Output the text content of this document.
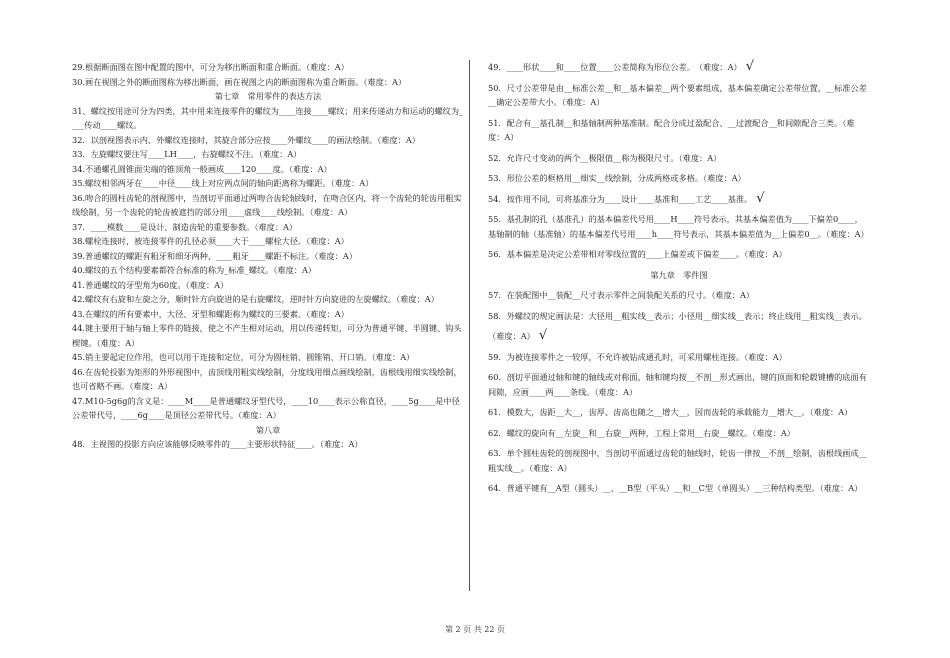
29.根据断面图在图中配置的图中，可分为移出断面和重合断面。（难度：A）

30.画在视图之外的断面图称为移出断面，画在视图之内的断面图称为重合断面。（难度：A）

第七章　常用零件的表达方法

31、螺纹按用途可分为四类，其中用来连接零件的螺纹为____连接____螺纹；用来传递动力和运动的螺纹为____传动____螺纹。

32．以剖视图表示内、外螺纹连接时，其旋合部分应按____外螺纹____的画法绘制。（难度：A）

33．左旋螺纹要注写____LH____，右旋螺纹不注。（难度：A）

34.不通螺孔圆锥面尖端的锥顶角一般画成____120____度。（难度：A）

35.螺纹相邻两牙在____中径____线上对应两点间的轴向距离称为螺距。（难度：A）

36.吻合的圆柱齿轮的剖视图中，当剖切平面通过两吻合齿轮轴线时，在吻合区内，将一个齿轮的轮齿用粗实线绘制，另一个齿轮的轮齿被遮挡的部分用____虚线____线绘制。（难度：A）

37．____模数____是设计、制造齿轮的重要参数。（难度：A）

38.螺栓连接时，被连接零件的孔径必须____大于____螺栓大径。（难度：A）

39.普通螺纹的螺距有粗牙和细牙两种，____粗牙____螺距不标注。（难度：A）

40.螺纹的五个结构要素都符合标准的称为_标准_螺纹。（难度：A）

41.普通螺纹的牙型角为60度。（难度：A）

42.螺纹有右旋和左旋之分，顺时针方向旋进的是右旋螺纹，逆时针方向旋进的左旋螺纹。（难度：A）

43.在螺纹的所有要素中，大径、牙型和螺距称为螺纹的三要素。（难度：A）

44.键主要用于轴与轴上零件的链接，使之不产生相对运动，用以传递转矩，可分为普通平键、半圆键、钩头楔键。（难度：A）

45.销主要起定位作用，也可以用于连接和定位，可分为圆柱销、圆锥销、开口销。（难度：A）

46.在齿轮投影为矩形的外形视图中，齿顶线用粗实线绘制，分度线用细点画线绘制，齿根线用细实线绘制，也可省略不画。（难度：A）

47.M10-5g6g的含义是：____M____是普通螺纹牙型代号，____10____表示公称直径，____5g____是中径公差带代号，____6g____是顶径公差带代号。（难度：A）

第八章

48．主视图的投影方向应该能够反映零件的____主要形状特征____。（难度：A）

49．____形状____和____位置____公差简称为形位公差。 （难度：A） √

50．尺寸公差带是由__标准公差__和__基本偏差__两个要素组成，基本偏差确定公差带位置，__标准公差__确定公差带大小。（难度：A）

51．配合有__基孔制__和基轴制两种基准制。配合分成过盈配合、__过渡配合__和间隙配合三类。（难度：A）

52．允许尺寸变动的两个__极限值__称为极限尺寸。（难度：A）

53．形位公差的框格用__细实__线绘制，分成两格或多格。（难度：A）

54．按作用不同，可将基准分为____设计____基准和____工艺____基准。 √

55．基孔制的孔（基准孔）的基本偏差代号用____H____符号表示，其基本偏差值为____下偏差0____，基轴制的轴（基准轴）的基本偏差代号用____h____符号表示，其基本偏差值为__上偏差0__。（难度：A）

56．基本偏差是决定公差带相对零线位置的____上偏差或下偏差____。（难度：A）

第九章　零件图

57．在装配图中__装配__尺寸表示零件之间装配关系的尺寸。（难度：A）

58．外螺纹的规定画法是：大径用__粗实线__表示；小径用__细实线__表示；终止线用__粗实线__表示。

（难度：A） √

59．为被连接零件之一较厚，不允许被钻成通孔时，可采用螺柱连接。（难度：A）

60．剖切平面通过轴和键的轴线或对称面，轴和键均按__不剖__形式画出，键的顶面和轮毂键槽的底面有间隙，应画____两____条线。（难度：A）

61．模数大，齿距__大__，齿厚、齿高也随之__增大__，因而齿轮的承载能力__增大__。（难度：A）

62．螺纹的旋向有__左旋__和__右旋__两种，工程上常用__右旋__螺纹。（难度：A）

63．单个圆柱齿轮的剖视图中，当剖切平面通过齿轮的轴线时，轮齿一律按__不剖__绘制，齿根线画成__粗实线__。（难度：A）

64．普通平键有__A型（圆头）__、__B型（平头）__和__C型（单圆头）__三种结构类型。（难度：A）

第 2 页 共 22 页
